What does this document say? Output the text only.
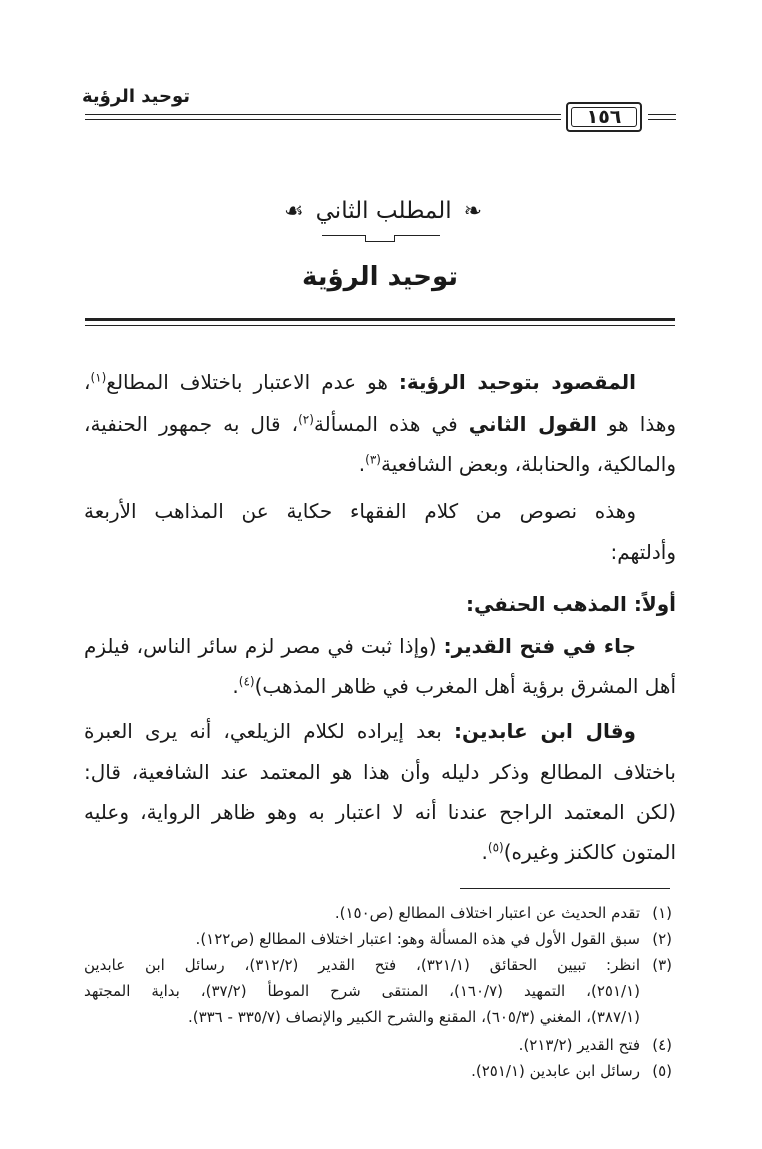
توحيد الرؤية
١٥٦
❧المطلب الثاني☙
توحيد الرؤية
  المقصود بتوحيد الرؤية: هو عدم الاعتبار باختلاف المطالع$^{(١)}$،
وهذا هو القول الثاني في هذه المسألة$^{(٢)}$، قال به جمهور الحنفية،
والمالكية، والحنابلة، وبعض الشافعية$^{(٣)}$.
  وهذه نصوص من كلام الفقهاء حكاية عن المذاهب الأربعة
وأدلتهم:
أولاً: المذهب الحنفي:
  جاء في فتح القدير: (وإذا ثبت في مصر لزم سائر الناس، فيلزم
أهل المشرق برؤية أهل المغرب في ظاهر المذهب)$^{(٤)}$.
  وقال ابن عابدين: بعد إيراده لكلام الزيلعي، أنه يرى العبرة
باختلاف المطالع وذكر دليله وأن هذا هو المعتمد عند الشافعية، قال:
(لكن المعتمد الراجح عندنا أنه لا اعتبار به وهو ظاهر الرواية، وعليه
المتون كالكنز وغيره)$^{(٥)}$.
(١)تقدم الحديث عن اعتبار اختلاف المطالع (ص١٥٠).
(٢)سبق القول الأول في هذه المسألة وهو: اعتبار اختلاف المطالع (ص١٢٢).
(٣)انظر: تبيين الحقائق (٣٢١/١)، فتح القدير (٣١٢/٢)، رسائل ابن عابدين
(٢٥١/١)، التمهيد (١٦٠/٧)، المنتقى شرح الموطأ (٣٧/٢)، بداية المجتهد
(٣٨٧/١)، المغني (٦٠٥/٣)، المقنع والشرح الكبير والإنصاف (٣٣٥/٧ - ٣٣٦).
(٤)فتح القدير (٢١٣/٢).
(٥)رسائل ابن عابدين (٢٥١/١).
